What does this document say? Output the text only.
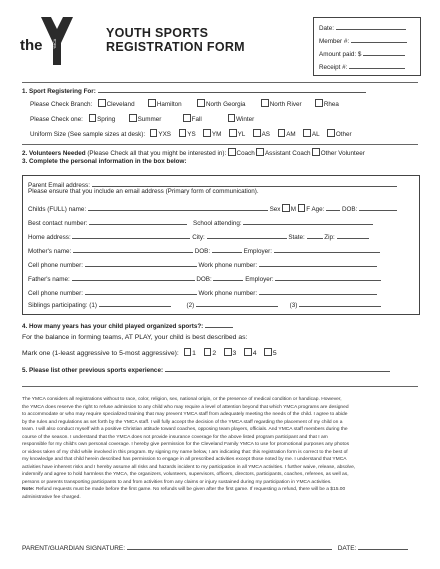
the	YMCA
YOUTH SPORTS
REGISTRATION FORM
Date:
Member #:
Amount paid: $
Receipt #:
1. Sport Registering For:
Please Check Branch: Cleveland	Hamilton	North Georgia	North River	Rhea
Please Check one: Spring	Summer	Fall	Winter
Uniform Size (See sample sizes at desk): YXS	YS	YM	YL	AS	AM	AL	Other
2. Volunteers Needed (Please Check all that you might be interested in): Coach Assistant Coach Other Volunteer
3. Complete the personal information in the box below:
Parent Email address:
Please ensure that you include an email address (Primary form of communication).
Childs (FULL) name:	Sex M F Age:	DOB:
Best contact number:	School attending:
Home address:	City:	State:	Zip:
Mother's name:	DOB:	Employer:
Cell phone number:	Work phone number:
Father's name:	DOB:	Employer:
Cell phone number:	Work phone number:
Siblings participating: (1)	(2)	(3)
4. How many years has your child played organized sports?:
For the balance in forming teams, AT PLAY, your child is best described as:
Mark one (1-least aggressive to 5-most aggressive): 1 2 3 4 5
5. Please list other previous sports experience:
The YMCA considers all registrations without to race, color, religion, sex, national origin, or the presence of medical condition or handicap. However,
the YMCA does reserve the right to refuse admission to any child who may require a level of attention beyond that which YMCA programs are designed
to accommodate or who may require specialized training that may prevent YMCA staff from adequately meeting the needs of the child. I agree to abide
by the rules and regulations as set forth by the YMCA staff. I will fully accept the decision of the YMCA staff regarding the placement of my child on a
team. I will also conduct myself with a positive Christian attitude toward coaches, opposing team players, officials. And YMCA staff members during the
course of the season. I understand that the YMCA does not provide insurance coverage for the above listed program participant and that I am
responsible for my child's own personal coverage. I hereby give permission for the Cleveland Family YMCA to use for promotional purposes any photos
or videos taken of my child while involved in this program. By signing my name below, I am indicating that: this registration form is correct to the best of
my knowledge and that child herein described has permission to engage in all prescribed activities except those noted by me. I understand that YMCA
activities have inherent risks and I hereby assume all risks and hazards incident to my participation in all YMCA activities. I further waive, release, absolve,
indemnify and agree to hold harmless the YMCA, the organizers, volunteers, supervisors, officers, directors, participants, coaches, referees, as well as,
persons or parents transporting participants to and from activities from any claims or injury sustained during my participation in YMCA activities.
Note: Refund requests must be made before the first game. No refunds will be given after the first game. If requesting a refund, there will be a $15.00
administrative fee charged.
PARENT/GUARDIAN SIGNATURE:	DATE:
